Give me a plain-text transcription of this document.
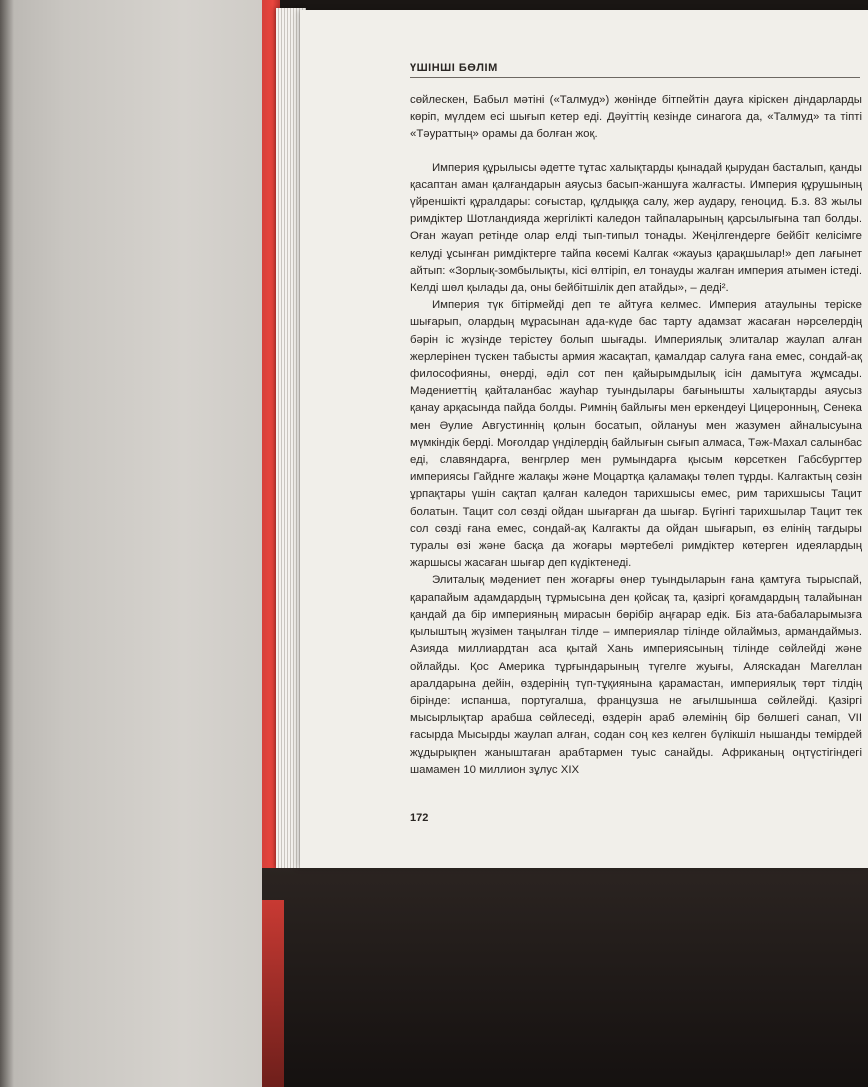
ҮШІНШІ БӨЛІМ

сөйлескен, Бабыл мәтіні («Талмуд») жөнінде бітпейтін дауға кіріскен діндарларды көріп, мүлдем есі шығып кетер еді. Дәуіттің кезінде синагога да, «Талмуд» та тіпті «Тәураттың» орамы да болған жоқ.

Империя құрылысы әдетте тұтас халықтарды қынадай қырудан басталып, қанды қасаптан аман қалғандарын аяусыз басып-жаншуға жалғасты. Империя құрушының үйреншікті құралдары: соғыстар, құлдыққа салу, жер аудару, геноцид. Б.з. 83 жылы римдіктер Шотландияда жергілікті каледон тайпаларының қарсылығына тап болды. Оған жауап ретінде олар елді тып-типыл тонады. Жеңілгендерге бейбіт келісімге келуді ұсынған римдіктерге тайпа көсемі Калгак «жауыз қарақшылар!» деп лағынет айтып: «Зорлық-зомбылықты, кісі өлтіріп, ел тонауды жалған империя атымен істеді. Келді шөл қылады да, оны бейбітшілік деп атайды», – деді².

Империя түк бітірмейді деп те айтуға келмес. Империя атаулыны теріске шығарып, олардың мұрасынан ада-күде бас тарту адамзат жасаған нәрселердің бәрін іс жүзінде терістеу болып шығады. Империялық элиталар жаулап алған жерлерінен түскен табысты армия жасақтап, қамалдар салуға ғана емес, сондай-ақ философияны, өнерді, әділ сот пен қайырымдылық ісін дамытуға жұмсады. Мәдениеттің қайталанбас жауһар туындылары бағынышты халықтарды аяусыз қанау арқасында пайда болды. Римнің байлығы мен еркендеуі Цицеронның, Сенека мен Әулие Августиннің қолын босатып, ойлануы мен жазумен айналысуына мүмкіндік берді. Моғолдар үнділердің байлығын сығып алмаса, Тәж-Махал салынбас еді, славяндарға, венгрлер мен румындарға қысым көрсеткен Габсбургтер империясы Гайднге жалақы және Моцартқа қаламақы төлеп тұрды. Калгактың сөзін ұрпақтары үшін сақтап қалған каледон тарихшысы емес, рим тарихшысы Тацит болатын. Тацит сол сөзді ойдан шығарған да шығар. Бүгінгі тарихшылар Тацит тек сол сөзді ғана емес, сондай-ақ Калгакты да ойдан шығарып, өз елінің тағдыры туралы өзі және басқа да жоғары мәртебелі римдіктер көтерген идеялардың жаршысы жасаған шығар деп күдіктенеді.

Элиталық мәдениет пен жоғарғы өнер туындыларын ғана қамтуға тырыспай, қарапайым адамдардың тұрмысына ден қойсақ та, қазіргі қоғамдардың талайынан қандай да бір империяның мирасын бөрібір аңғарар едік. Біз ата-бабаларымызға қылыштың жүзімен таңылған тілде – империялар тілінде ойлаймыз, армандаймыз. Азияда миллиардтан аса қытай Хань империясының тілінде сөйлейді және ойлайды. Қос Америка тұрғындарының түгелге жуығы, Аляскадан Магеллан аралдарына дейін, өздерінің түп-тұқиянына қарамастан, империялық төрт тілдің бірінде: испанша, португалша, французша не ағылшынша сөйлейді. Қазіргі мысырлықтар арабша сөйлеседі, өздерін араб әлемінің бір бөлшегі санап, VII ғасырда Мысырды жаулап алған, содан соң кез келген бүлікшіл нышанды темірдей жұдырықпен жаныштаған арабтармен туыс санайды. Африканың оңтүстігіндегі шамамен 10 миллион зұлус XIX

172
